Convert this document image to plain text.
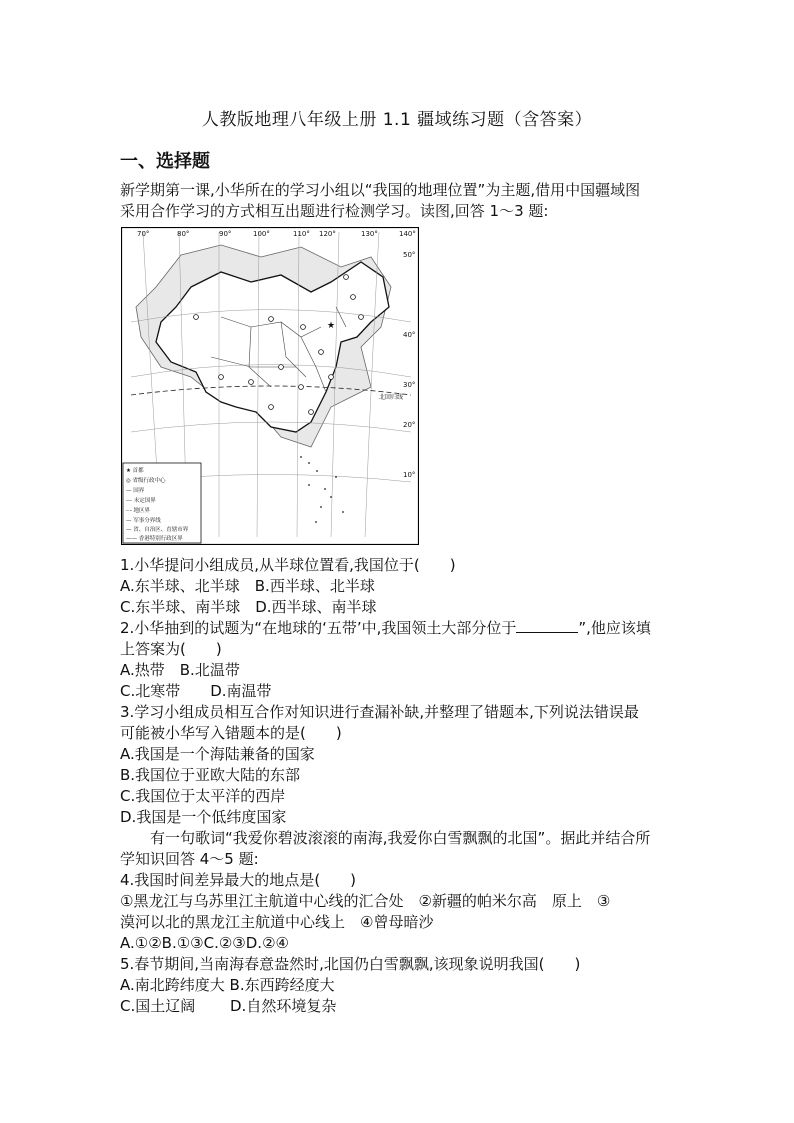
人教版地理八年级上册 1.1 疆域练习题（含答案）
一、选择题
新学期第一课,小华所在的学习小组以“我国的地理位置”为主题,借用中国疆域图
采用合作学习的方式相互出题进行检测学习。读图,回答 1～3 题:
★
70°	80°	90°	100°	110° 120°	130°	140°
50°
40°
30°
20°
10°
北回归线
★ 首都
◎ 省级行政中心
— 国界
--- 未定国界
-·- 地区界
— 军事分界线
— 省、自治区、直辖市界
—— 香港特别行政区界
1.小华提问小组成员,从半球位置看,我国位于(　　)
A.东半球、北半球　B.西半球、北半球
C.东半球、南半球　D.西半球、南半球
2.小华抽到的试题为“在地球的‘五带’中,我国领土大部分位于	”,他应该填
上答案为(　　)
A.热带　B.北温带
C.北寒带　　D.南温带
3.学习小组成员相互合作对知识进行查漏补缺,并整理了错题本,下列说法错误最
可能被小华写入错题本的是(　　)
A.我国是一个海陆兼备的国家
B.我国位于亚欧大陆的东部
C.我国位于太平洋的西岸
D.我国是一个低纬度国家
　　有一句歌词“我爱你碧波滚滚的南海,我爱你白雪飘飘的北国”。据此并结合所
学知识回答 4～5 题:
4.我国时间差异最大的地点是(　　)
①黑龙江与乌苏里江主航道中心线的汇合处　②新疆的帕米尔高　原上　③
漠河以北的黑龙江主航道中心线上　④曾母暗沙
A.①②B.①③C.②③D.②④
5.春节期间,当南海春意盎然时,北国仍白雪飘飘,该现象说明我国(　　)
A.南北跨纬度大 B.东西跨经度大
C.国土辽阔　　 D.自然环境复杂
